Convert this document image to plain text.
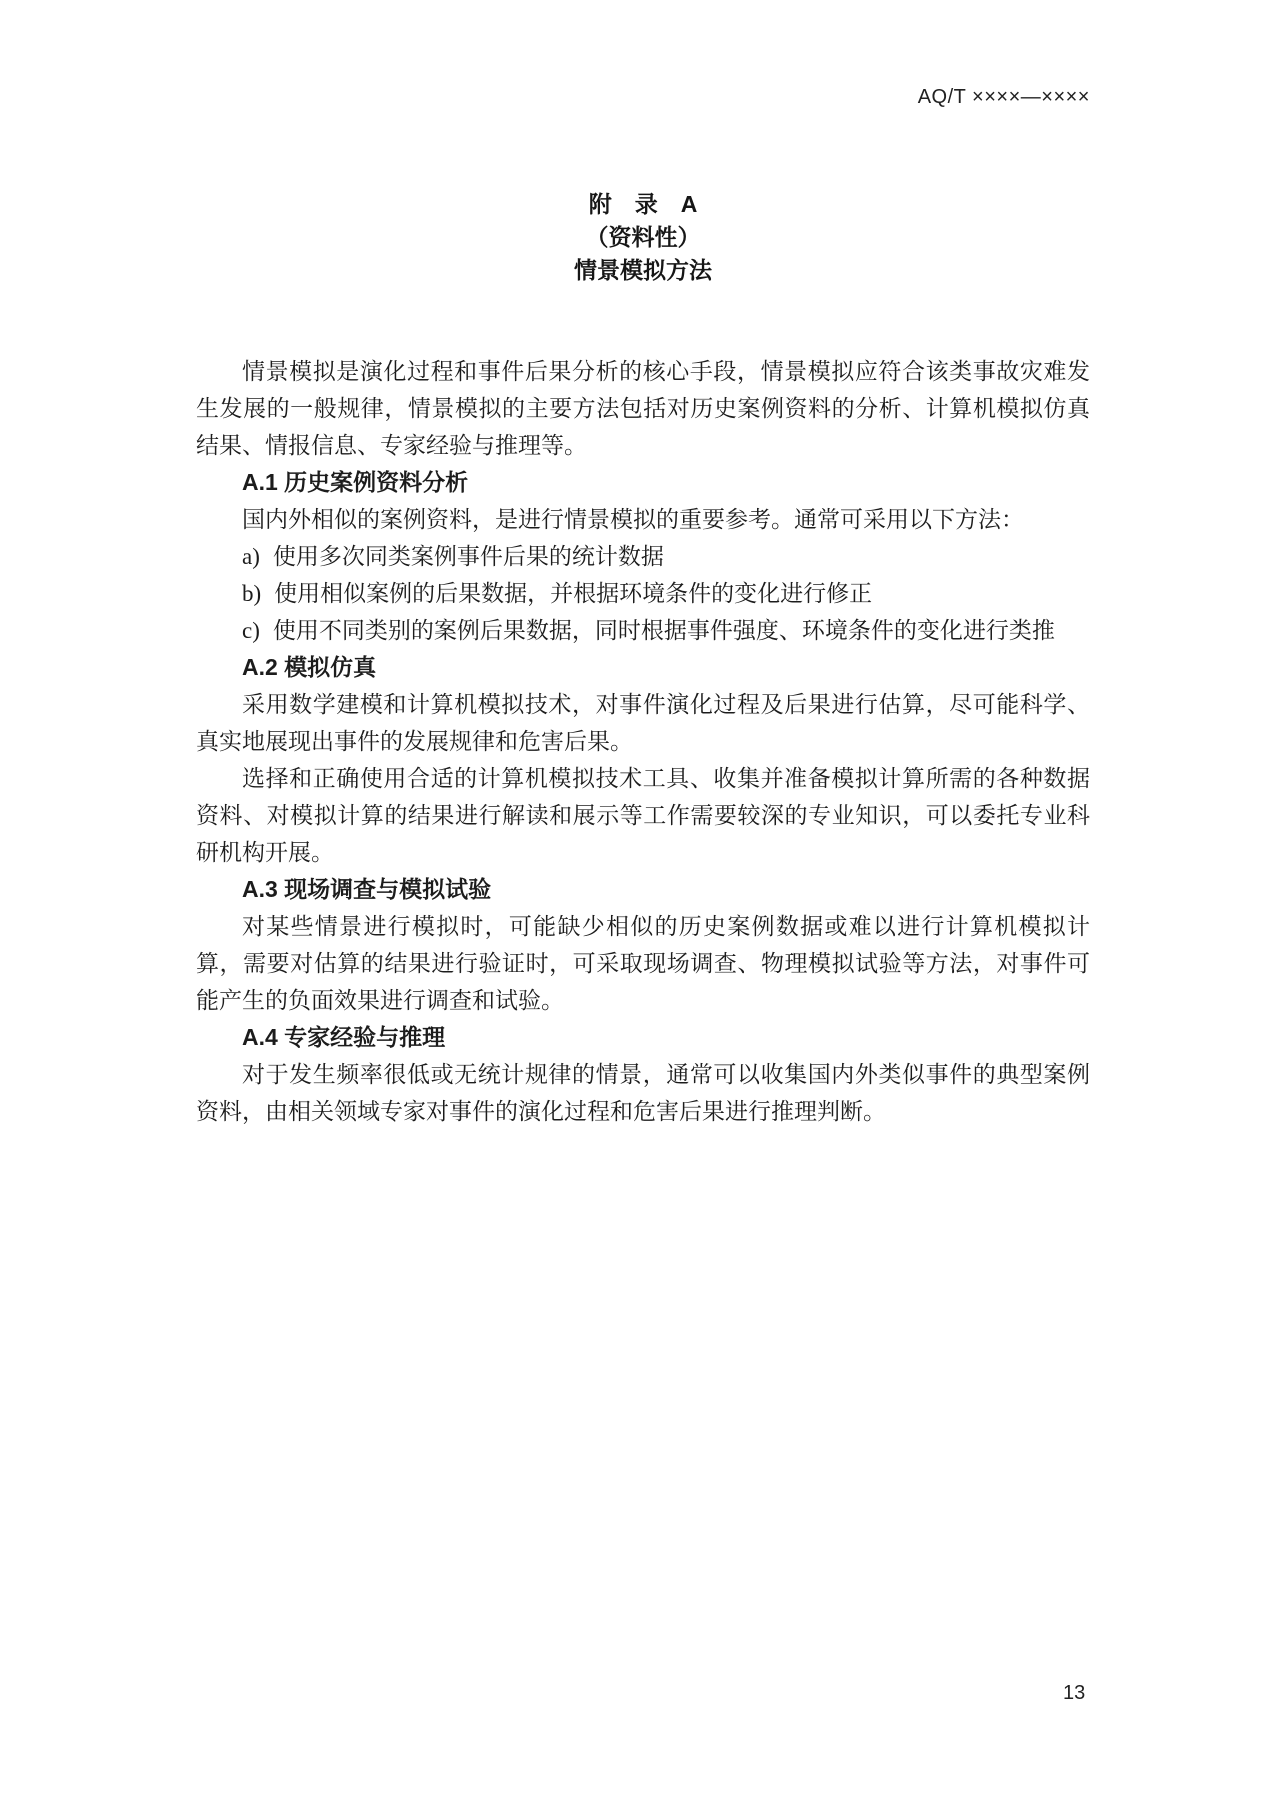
AQ/T ××××—××××
附　录　A
（资料性）
情景模拟方法

情景模拟是演化过程和事件后果分析的核心手段，情景模拟应符合该类事故灾难发生发展的一般规律，情景模拟的主要方法包括对历史案例资料的分析、计算机模拟仿真结果、情报信息、专家经验与推理等。

A.1 历史案例资料分析

国内外相似的案例资料，是进行情景模拟的重要参考。通常可采用以下方法：

a) 使用多次同类案例事件后果的统计数据
b) 使用相似案例的后果数据，并根据环境条件的变化进行修正
c) 使用不同类别的案例后果数据，同时根据事件强度、环境条件的变化进行类推
A.2 模拟仿真

采用数学建模和计算机模拟技术，对事件演化过程及后果进行估算，尽可能科学、真实地展现出事件的发展规律和危害后果。

选择和正确使用合适的计算机模拟技术工具、收集并准备模拟计算所需的各种数据资料、对模拟计算的结果进行解读和展示等工作需要较深的专业知识，可以委托专业科研机构开展。

A.3 现场调查与模拟试验

对某些情景进行模拟时，可能缺少相似的历史案例数据或难以进行计算机模拟计算，需要对估算的结果进行验证时，可采取现场调查、物理模拟试验等方法，对事件可能产生的负面效果进行调查和试验。

A.4 专家经验与推理

对于发生频率很低或无统计规律的情景，通常可以收集国内外类似事件的典型案例资料，由相关领域专家对事件的演化过程和危害后果进行推理判断。

13
